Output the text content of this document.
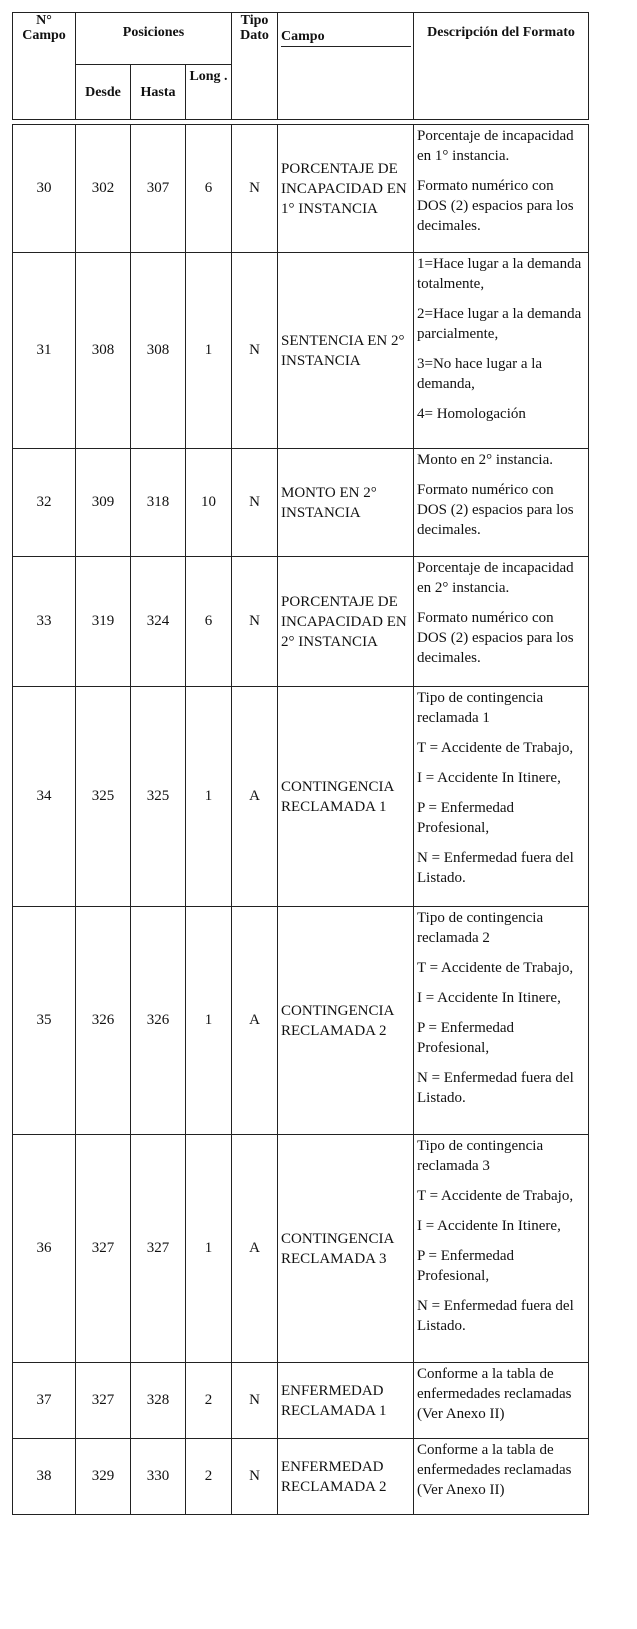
N° Campo	Posiciones			Tipo Dato	Campo	Descripción del Formato
	Desde	Hasta	Long .			

30	302	307	6	N	PORCENTAJE DE INCAPACIDAD EN 1° INSTANCIA	Porcentaje de incapacidad en 1° instancia.

Formato numérico con DOS (2) espacios para los decimales.

31	308	308	1	N	SENTENCIA EN 2° INSTANCIA	1=Hace lugar a la demanda totalmente,

2=Hace lugar a la demanda parcialmente,

3=No hace lugar a la demanda,

4= Homologación

32	309	318	10	N	MONTO EN 2° INSTANCIA	Monto en 2° instancia.

Formato numérico con DOS (2) espacios para los decimales.

33	319	324	6	N	PORCENTAJE DE INCAPACIDAD EN 2° INSTANCIA	Porcentaje de incapacidad en 2° instancia.

Formato numérico con DOS (2) espacios para los decimales.

34	325	325	1	A	CONTINGENCIA RECLAMADA 1	Tipo de contingencia reclamada 1

T = Accidente de Trabajo,

I = Accidente In Itinere,

P = Enfermedad Profesional,

N = Enfermedad fuera del Listado.

35	326	326	1	A	CONTINGENCIA RECLAMADA 2	Tipo de contingencia reclamada 2

T = Accidente de Trabajo,

I = Accidente In Itinere,

P = Enfermedad Profesional,

N = Enfermedad fuera del Listado.

36	327	327	1	A	CONTINGENCIA RECLAMADA 3	Tipo de contingencia reclamada 3

T = Accidente de Trabajo,

I = Accidente In Itinere,

P = Enfermedad Profesional,

N = Enfermedad fuera del Listado.

37	327	328	2	N	ENFERMEDAD RECLAMADA 1	Conforme a la tabla de enfermedades reclamadas (Ver Anexo II)

38	329	330	2	N	ENFERMEDAD RECLAMADA 2	Conforme a la tabla de enfermedades reclamadas (Ver Anexo II)
